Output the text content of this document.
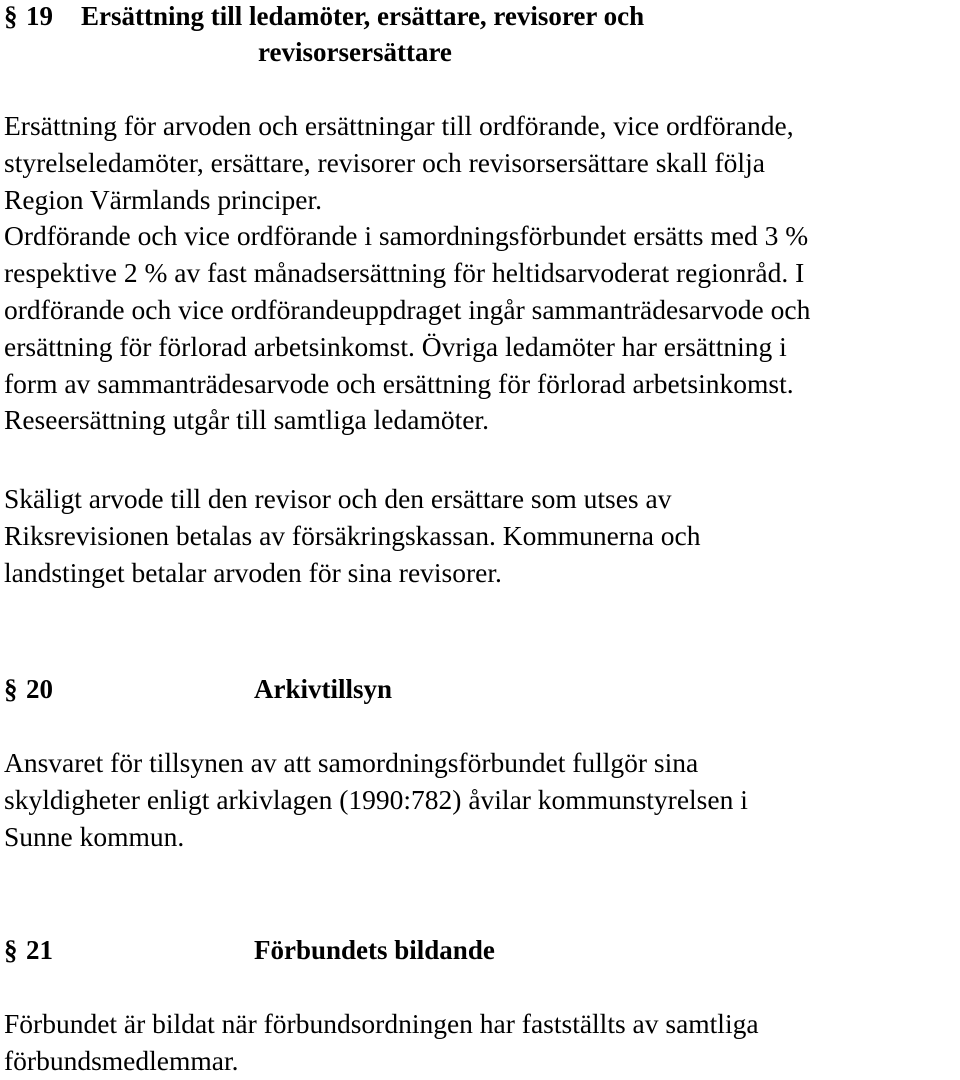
§ 19 Ersättning till ledamöter, ersättare, revisorer och
revisorsersättare

Ersättning för arvoden och ersättningar till ordförande, vice ordförande,
styrelseledamöter, ersättare, revisorer och revisorsersättare skall följa
Region Värmlands principer.
Ordförande och vice ordförande i samordningsförbundet ersätts med 3 %
respektive 2 % av fast månadsersättning för heltidsarvoderat regionråd. I
ordförande och vice ordförandeuppdraget ingår sammanträdesarvode och
ersättning för förlorad arbetsinkomst. Övriga ledamöter har ersättning i
form av sammanträdesarvode och ersättning för förlorad arbetsinkomst.
Reseersättning utgår till samtliga ledamöter.

Skäligt arvode till den revisor och den ersättare som utses av
Riksrevisionen betalas av försäkringskassan. Kommunerna och
landstinget betalar arvoden för sina revisorer.

§ 20	Arkivtillsyn

Ansvaret för tillsynen av att samordningsförbundet fullgör sina
skyldigheter enligt arkivlagen (1990:782) åvilar kommunstyrelsen i
Sunne kommun.

§ 21	Förbundets bildande

Förbundet är bildat när förbundsordningen har fastställts av samtliga
förbundsmedlemmar.
